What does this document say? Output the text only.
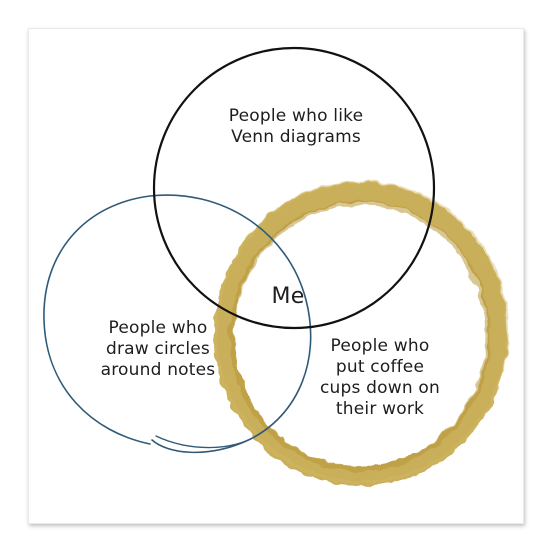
People who like
Venn diagrams
People who
draw circles
around notes
People who
put coffee
cups down on
their work
Me
